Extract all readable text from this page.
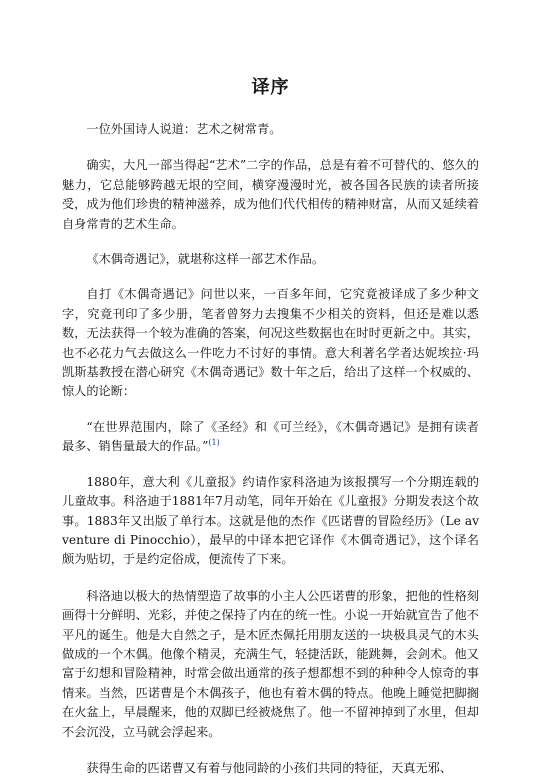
译序

一位外国诗人说道：艺术之树常青。

确实，大凡一部当得起“艺术”二字的作品，总是有着不可替代的、悠久的魅力，它总能够跨越无垠的空间，横穿漫漫时光，被各国各民族的读者所接受，成为他们珍贵的精神滋养，成为他们代代相传的精神财富，从而又延续着自身常青的艺术生命。

《木偶奇遇记》，就堪称这样一部艺术作品。

自打《木偶奇遇记》问世以来，一百多年间，它究竟被译成了多少种文字，究竟刊印了多少册，笔者曾努力去搜集不少相关的资料，但还是难以悉数，无法获得一个较为准确的答案，何况这些数据也在时时更新之中。其实，也不必花力气去做这么一件吃力不讨好的事情。意大利著名学者达妮埃拉·玛凯斯基教授在潜心研究《木偶奇遇记》数十年之后，给出了这样一个权威的、惊人的论断：

“在世界范围内，除了《圣经》和《可兰经》，《木偶奇遇记》是拥有读者最多、销售量最大的作品。”$^{(1)}$

1880年，意大利《儿童报》约请作家科洛迪为该报撰写一个分期连载的儿童故事。科洛迪于1881年7月动笔，同年开始在《儿童报》分期发表这个故事。1883年又出版了单行本。这就是他的杰作《匹诺曹的冒险经历》（Le avventure di Pinocchio），最早的中译本把它译作《木偶奇遇记》，这个译名颇为贴切，于是约定俗成，便流传了下来。

科洛迪以极大的热情塑造了故事的小主人公匹诺曹的形象，把他的性格刻画得十分鲜明、光彩，并使之保持了内在的统一性。小说一开始就宣告了他不平凡的诞生。他是大自然之子，是木匠杰佩托用朋友送的一块极具灵气的木头做成的一个木偶。他像个精灵，充满生气，轻捷活跃，能跳舞，会剑术。他又富于幻想和冒险精神，时常会做出通常的孩子想都想不到的种种令人惊奇的事情来。当然，匹诺曹是个木偶孩子，他也有着木偶的特点。他晚上睡觉把脚搁在火盆上，早晨醒来，他的双脚已经被烧焦了。他一不留神掉到了水里，但却不会沉没，立马就会浮起来。

获得生命的匹诺曹又有着与他同龄的小孩们共同的特征，天真无邪、
